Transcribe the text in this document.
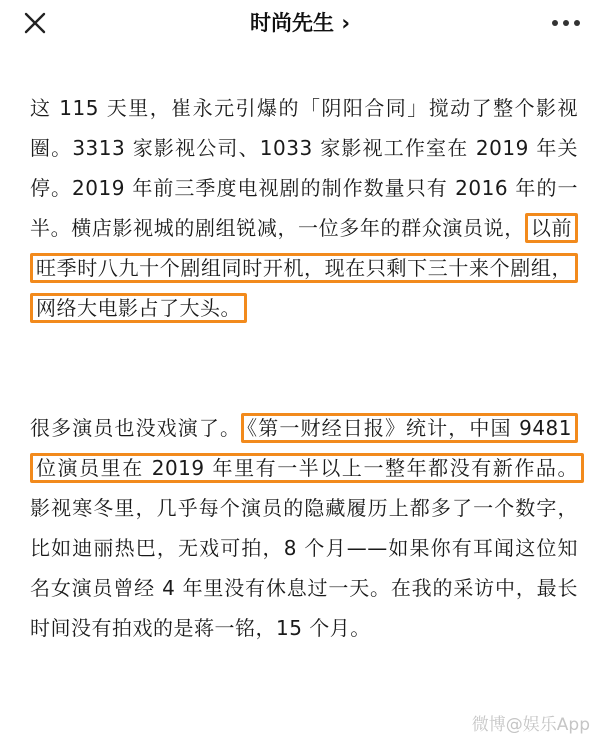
时尚先生 ›

这 115 天里，崔永元引爆的「阴阳合同」搅动了整个影视圈。3313 家影视公司、1033 家影视工作室在 2019 年关停。2019 年前三季度电视剧的制作数量只有 2016 年的一半。横店影视城的剧组锐减，一位多年的群众演员说， 以前旺季时八九十个剧组同时开机，现在只剩下三十来个剧组，网络大电影占了大头。

很多演员也没戏演了。 《第一财经日报》统计，中国 9481 位演员里在 2019 年里有一半以上一整年都没有新作品。影视寒冬里，几乎每个演员的隐藏履历上都多了一个数字，比如迪丽热巴，无戏可拍，8 个月——如果你有耳闻这位知名女演员曾经 4 年里没有休息过一天。在我的采访中，最长时间没有拍戏的是蒋一铭，15 个月。

微博@娱乐App
